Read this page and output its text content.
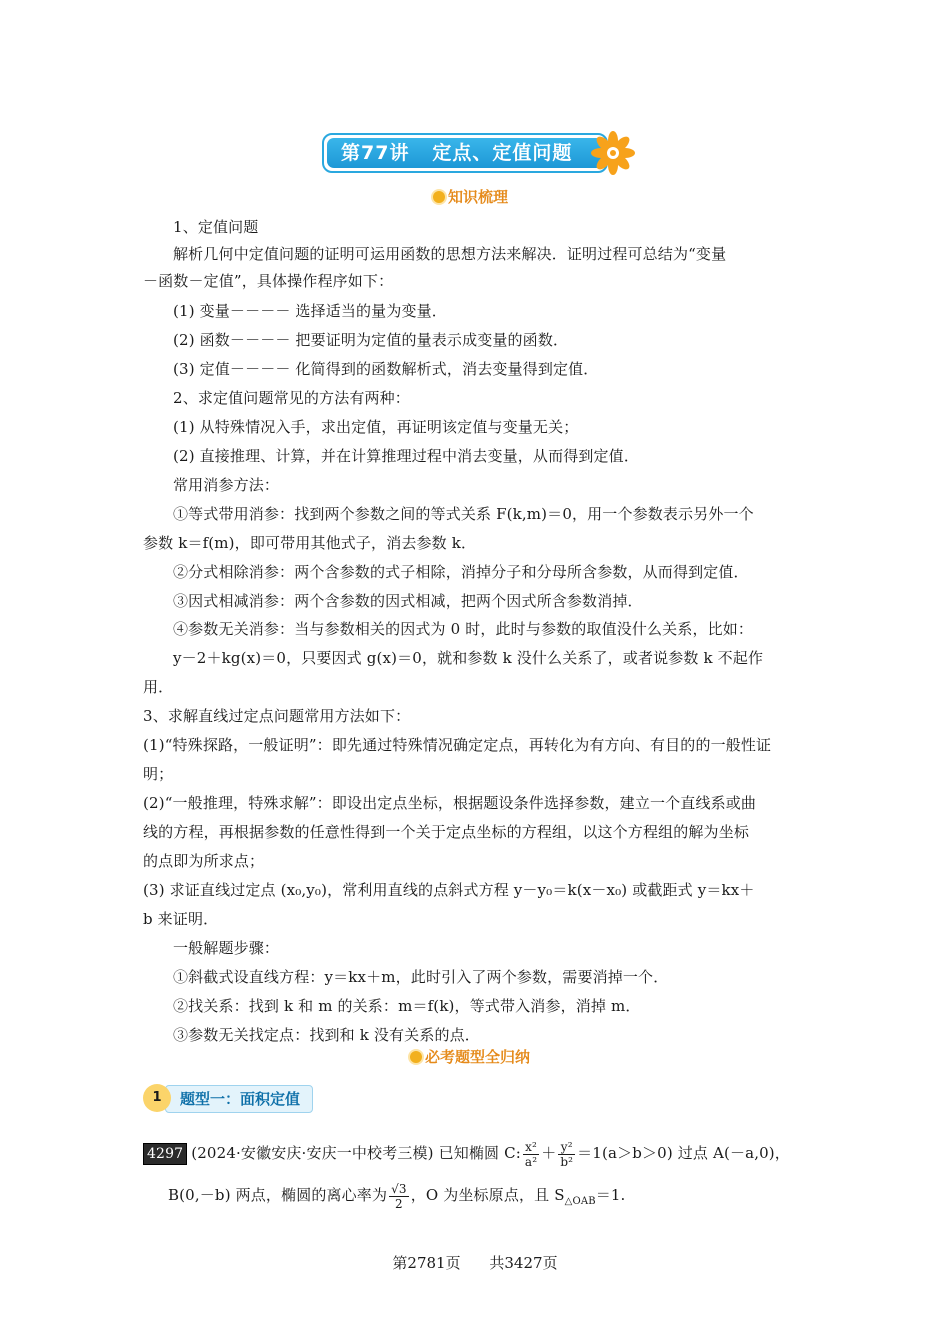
第77讲 定点、定值问题
知识梳理
1、定值问题
解析几何中定值问题的证明可运用函数的思想方法来解决．证明过程可总结为“变量
－函数－定值”，具体操作程序如下：
(1) 变量－－－－ 选择适当的量为变量．
(2) 函数－－－－ 把要证明为定值的量表示成变量的函数．
(3) 定值－－－－ 化简得到的函数解析式，消去变量得到定值．
2、求定值问题常见的方法有两种：
(1) 从特殊情况入手，求出定值，再证明该定值与变量无关；
(2) 直接推理、计算，并在计算推理过程中消去变量，从而得到定值．
常用消参方法：
①等式带用消参：找到两个参数之间的等式关系 F(k,m)＝0，用一个参数表示另外一个
参数 k＝f(m)，即可带用其他式子，消去参数 k．
②分式相除消参：两个含参数的式子相除，消掉分子和分母所含参数，从而得到定值．
③因式相减消参：两个含参数的因式相减，把两个因式所含参数消掉．
④参数无关消参：当与参数相关的因式为 0 时，此时与参数的取值没什么关系，比如：
y－2＋kg(x)＝0，只要因式 g(x)＝0，就和参数 k 没什么关系了，或者说参数 k 不起作
用．
3、求解直线过定点问题常用方法如下：
(1)“特殊探路，一般证明”：即先通过特殊情况确定定点，再转化为有方向、有目的的一般性证
明；
(2)“一般推理，特殊求解”：即设出定点坐标，根据题设条件选择参数，建立一个直线系或曲
线的方程，再根据参数的任意性得到一个关于定点坐标的方程组，以这个方程组的解为坐标
的点即为所求点；
(3) 求证直线过定点 (x₀,y₀)，常利用直线的点斜式方程 y－y₀＝k(x－x₀) 或截距式 y＝kx＋
b 来证明．
一般解题步骤：
①斜截式设直线方程：y＝kx＋m，此时引入了两个参数，需要消掉一个．
②找关系：找到 k 和 m 的关系：m＝f(k)，等式带入消参，消掉 m．
③参数无关找定点：找到和 k 没有关系的点．
必考题型全归纳
题型一：面积定值
1
4297 (2024·安徽安庆·安庆一中校考三模) 已知椭圆 C: $\frac{\text{x²}}{\text{a²}} + \frac{\text{y²}}{\text{b²}} =1(a>b>0)$ 过点 A(－a,0)，
B(0,－b) 两点，椭圆的离心率为 $\frac{√3}{2}$ ，O 为坐标原点，且 $S_{\triangle OAB}=1$.
第2781页 共3427页
